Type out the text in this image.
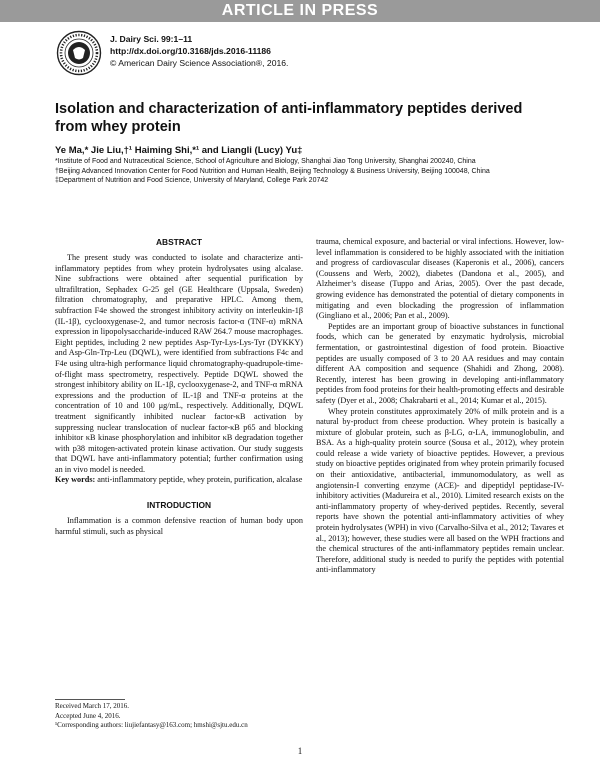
ARTICLE IN PRESS
J. Dairy Sci. 99:1–11
http://dx.doi.org/10.3168/jds.2016-11186
© American Dairy Science Association®, 2016.
Isolation and characterization of anti-inflammatory peptides derived from whey protein
Ye Ma,* Jie Liu,†¹ Haiming Shi,*¹ and Liangli (Lucy) Yu‡
*Institute of Food and Nutraceutical Science, School of Agriculture and Biology, Shanghai Jiao Tong University, Shanghai 200240, China
†Beijing Advanced Innovation Center for Food Nutrition and Human Health, Beijing Technology & Business University, Beijing 100048, China
‡Department of Nutrition and Food Science, University of Maryland, College Park 20742
ABSTRACT

The present study was conducted to isolate and characterize anti-inflammatory peptides from whey protein hydrolysates using alcalase. Nine subfractions were obtained after sequential purification by ultrafiltration, Sephadex G-25 gel (GE Healthcare (Uppsala, Sweden) filtration chromatography, and preparative HPLC. Among them, subfraction F4e showed the strongest inhibitory activity on interleukin-1β (IL-1β), cyclooxygenase-2, and tumor necrosis factor-α (TNF-α) mRNA expression in lipopolysaccharide-induced RAW 264.7 mouse macrophages. Eight peptides, including 2 new peptides Asp-Tyr-Lys-Lys-Tyr (DYKKY) and Asp-Gln-Trp-Leu (DQWL), were identified from subfractions F4c and F4e using ultra-high performance liquid chromatography-quadrupole-time-of-flight mass spectrometry, respectively. Peptide DQWL showed the strongest inhibitory ability on IL-1β, cyclooxygenase-2, and TNF-α mRNA expressions and the production of IL-1β and TNF-α proteins at the concentration of 10 and 100 μg/mL, respectively. Additionally, DQWL treatment significantly inhibited nuclear factor-κB activation by suppressing nuclear translocation of nuclear factor-κB p65 and blocking inhibitor κB kinase phosphorylation and inhibitor κB degradation together with p38 mitogen-activated protein kinase activation. Our study suggests that DQWL have anti-inflammatory potential; further confirmation using an in vivo model is needed.

Key words: anti-inflammatory peptide, whey protein, purification, alcalase

INTRODUCTION

Inflammation is a common defensive reaction of human body upon harmful stimuli, such as physical

trauma, chemical exposure, and bacterial or viral infections. However, low-level inflammation is considered to be highly associated with the initiation and progress of cardiovascular diseases (Kaperonis et al., 2006), cancers (Coussens and Werb, 2002), diabetes (Dandona et al., 2005), and Alzheimer’s disease (Tuppo and Arias, 2005). Over the past decade, growing evidence has demonstrated the potential of dietary components in mitigating and even blockading the progression of inflammation (Gingliano et al., 2006; Pan et al., 2009).

Peptides are an important group of bioactive substances in functional foods, which can be generated by enzymatic hydrolysis, microbial fermentation, or gastrointestinal digestion of food protein. Bioactive peptides are usually composed of 3 to 20 AA residues and may contain different AA composition and sequence (Shahidi and Zhong, 2008). Recently, interest has been growing in developing anti-inflammatory peptides from food proteins for their health-promoting effects and desirable safety (Dyer et al., 2008; Chakrabarti et al., 2014; Kumar et al., 2015).

Whey protein constitutes approximately 20% of milk protein and is a natural by-product from cheese production. Whey protein is basically a mixture of globular protein, such as β-LG, α-LA, immunoglobulin, and BSA. As a high-quality protein source (Sousa et al., 2012), whey protein could release a wide variety of bioactive peptides. However, a previous study on bioactive peptides originated from whey protein primarily focused on their antioxidative, antibacterial, immunomodulatory, as well as angiotensin-I converting enzyme (ACE)- and dipeptidyl peptidase-IV-inhibitory activities (Madureira et al., 2010). Limited research exists on the anti-inflammatory property of whey-derived peptides. Recently, several reports have shown the potential anti-inflammatory activities of whey protein hydrolysates (WPH) in vivo (Carvalho-Silva et al., 2012; Tavares et al., 2013); however, these studies were all based on the WPH fractions and the chemical structures of the anti-inflammatory peptides remain unclear. Therefore, additional study is needed to purify the peptides with potential anti-inflammatory

Received March 17, 2016.
Accepted June 4, 2016.
¹Corresponding authors: liujiefantasy@163.com; hmshi@sjtu.edu.cn
1
